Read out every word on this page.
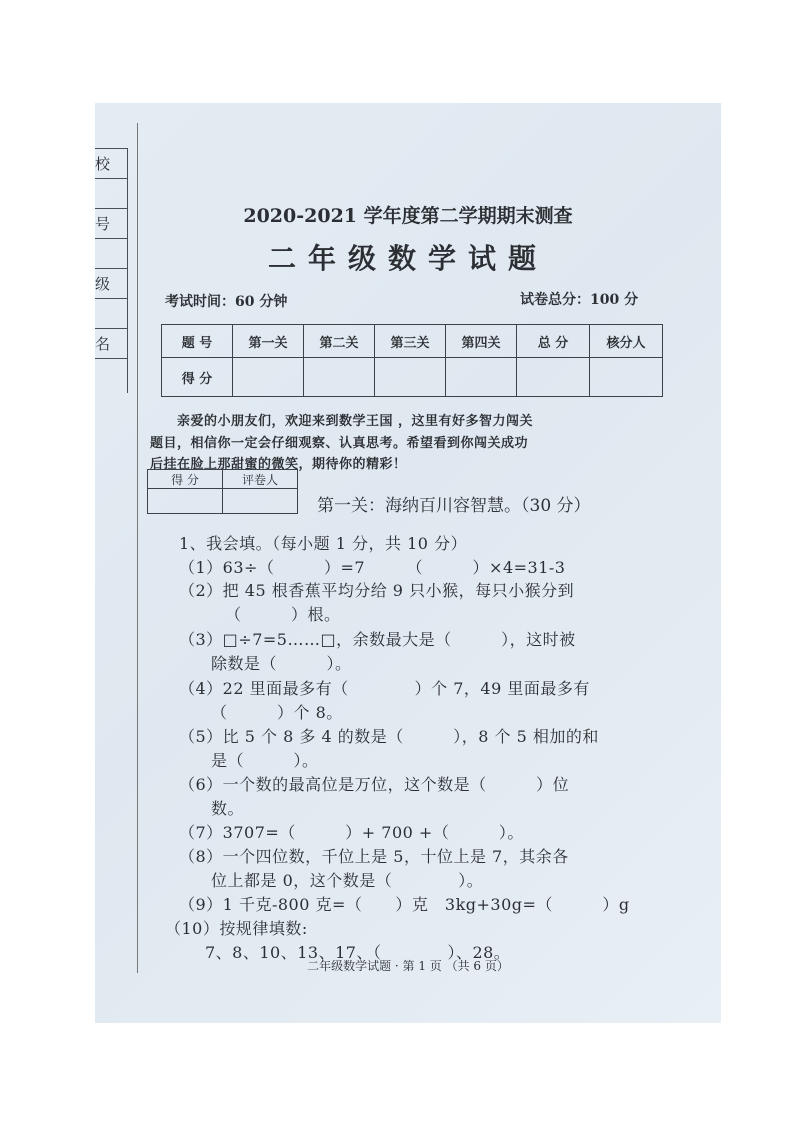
校
号
级
名
2020-2021 学年度第二学期期末测查
二年级数学试题
考试时间：60 分钟	试卷总分：100 分
题 号	第一关	第二关	第三关	第四关	总 分	核分人
得 分						
亲爱的小朋友们，欢迎来到数学王国 ，这里有好多智力闯关
题目，相信你一定会仔细观察、认真思考。希望看到你闯关成功
后挂在脸上那甜蜜的微笑，期待你的精彩！
得 分	评卷人

第一关：海纳百川容智慧。（30 分）
1、我会填。（每小题 1 分，共 10 分）
（1）63÷（　　　）=7　　　（　　　）×4=31-3
（2）把 45 根香蕉平均分给 9 只小猴，每只小猴分到
（　　　）根。
（3）□÷7=5……□，余数最大是（　　　），这时被
除数是（　　　）。
（4）22 里面最多有（　　　　）个 7，49 里面最多有
（　　　）个 8。
（5）比 5 个 8 多 4 的数是（　　　），8 个 5 相加的和
是（　　　）。
（6）一个数的最高位是万位，这个数是（　　　）位
数。
（7）3707=（　　　）+ 700 +（　　　）。
（8）一个四位数，千位上是 5，十位上是 7，其余各
位上都是 0，这个数是（　　　　）。
（9）1 千克-800 克=（　　）克　3kg+30g=（　　　）g
（10）按规律填数:
7、8、10、13、17、（　　　　）、28。
二年级数学试题 · 第 1 页 （共 6 页）
